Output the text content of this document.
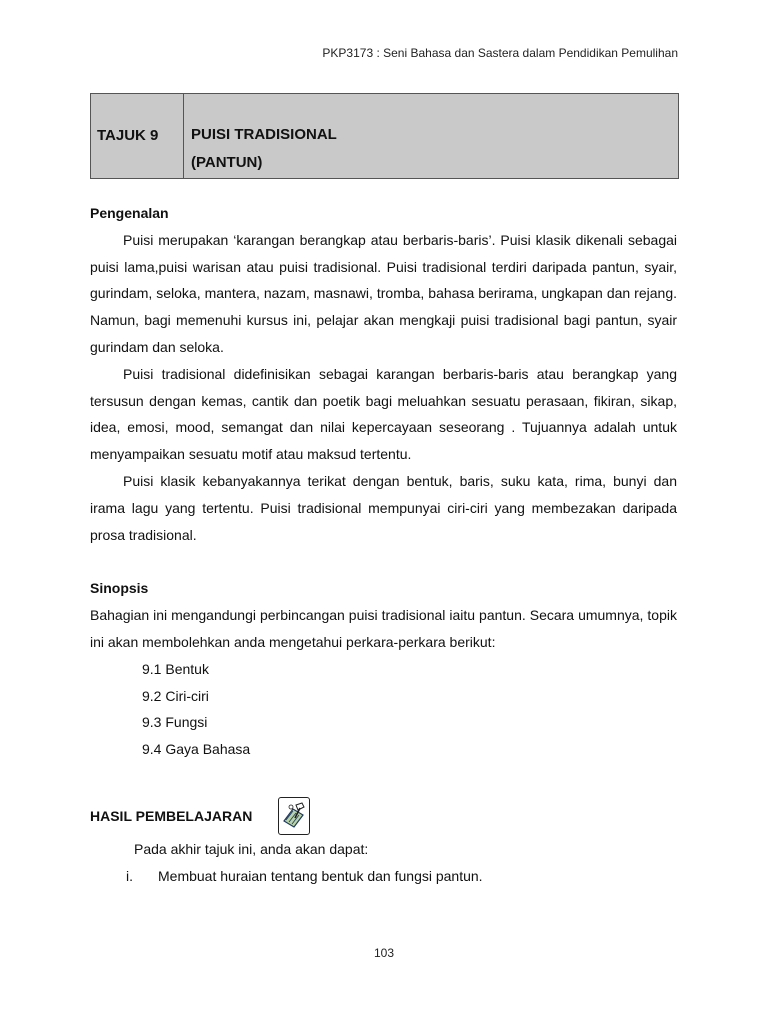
PKP3173 : Seni Bahasa dan Sastera dalam Pendidikan Pemulihan
TAJUK 9	PUISI TRADISIONAL
(PANTUN)
Pengenalan

Puisi merupakan ‘karangan berangkap atau berbaris-baris’. Puisi klasik dikenali sebagai puisi lama,puisi warisan atau puisi tradisional. Puisi tradisional terdiri daripada pantun, syair, gurindam, seloka, mantera, nazam, masnawi, tromba, bahasa berirama, ungkapan dan rejang. Namun, bagi memenuhi kursus ini, pelajar akan mengkaji puisi tradisional bagi pantun, syair gurindam dan seloka.

Puisi tradisional didefinisikan sebagai karangan berbaris-baris atau berangkap yang tersusun dengan kemas, cantik dan poetik bagi meluahkan sesuatu perasaan, fikiran, sikap, idea, emosi, mood, semangat dan nilai kepercayaan seseorang . Tujuannya adalah untuk menyampaikan sesuatu motif atau maksud tertentu.

Puisi klasik kebanyakannya terikat dengan bentuk, baris, suku kata, rima, bunyi dan irama lagu yang tertentu. Puisi tradisional mempunyai ciri-ciri yang membezakan daripada prosa tradisional.

Sinopsis

Bahagian ini mengandungi perbincangan puisi tradisional iaitu pantun. Secara umumnya, topik ini akan membolehkan anda mengetahui perkara-perkara berikut:

9.1 Bentuk
9.2 Ciri-ciri
9.3 Fungsi
9.4 Gaya Bahasa
HASIL PEMBELAJARAN

Pada akhir tajuk ini, anda akan dapat:

i.	Membuat huraian tentang bentuk dan fungsi pantun.
103
